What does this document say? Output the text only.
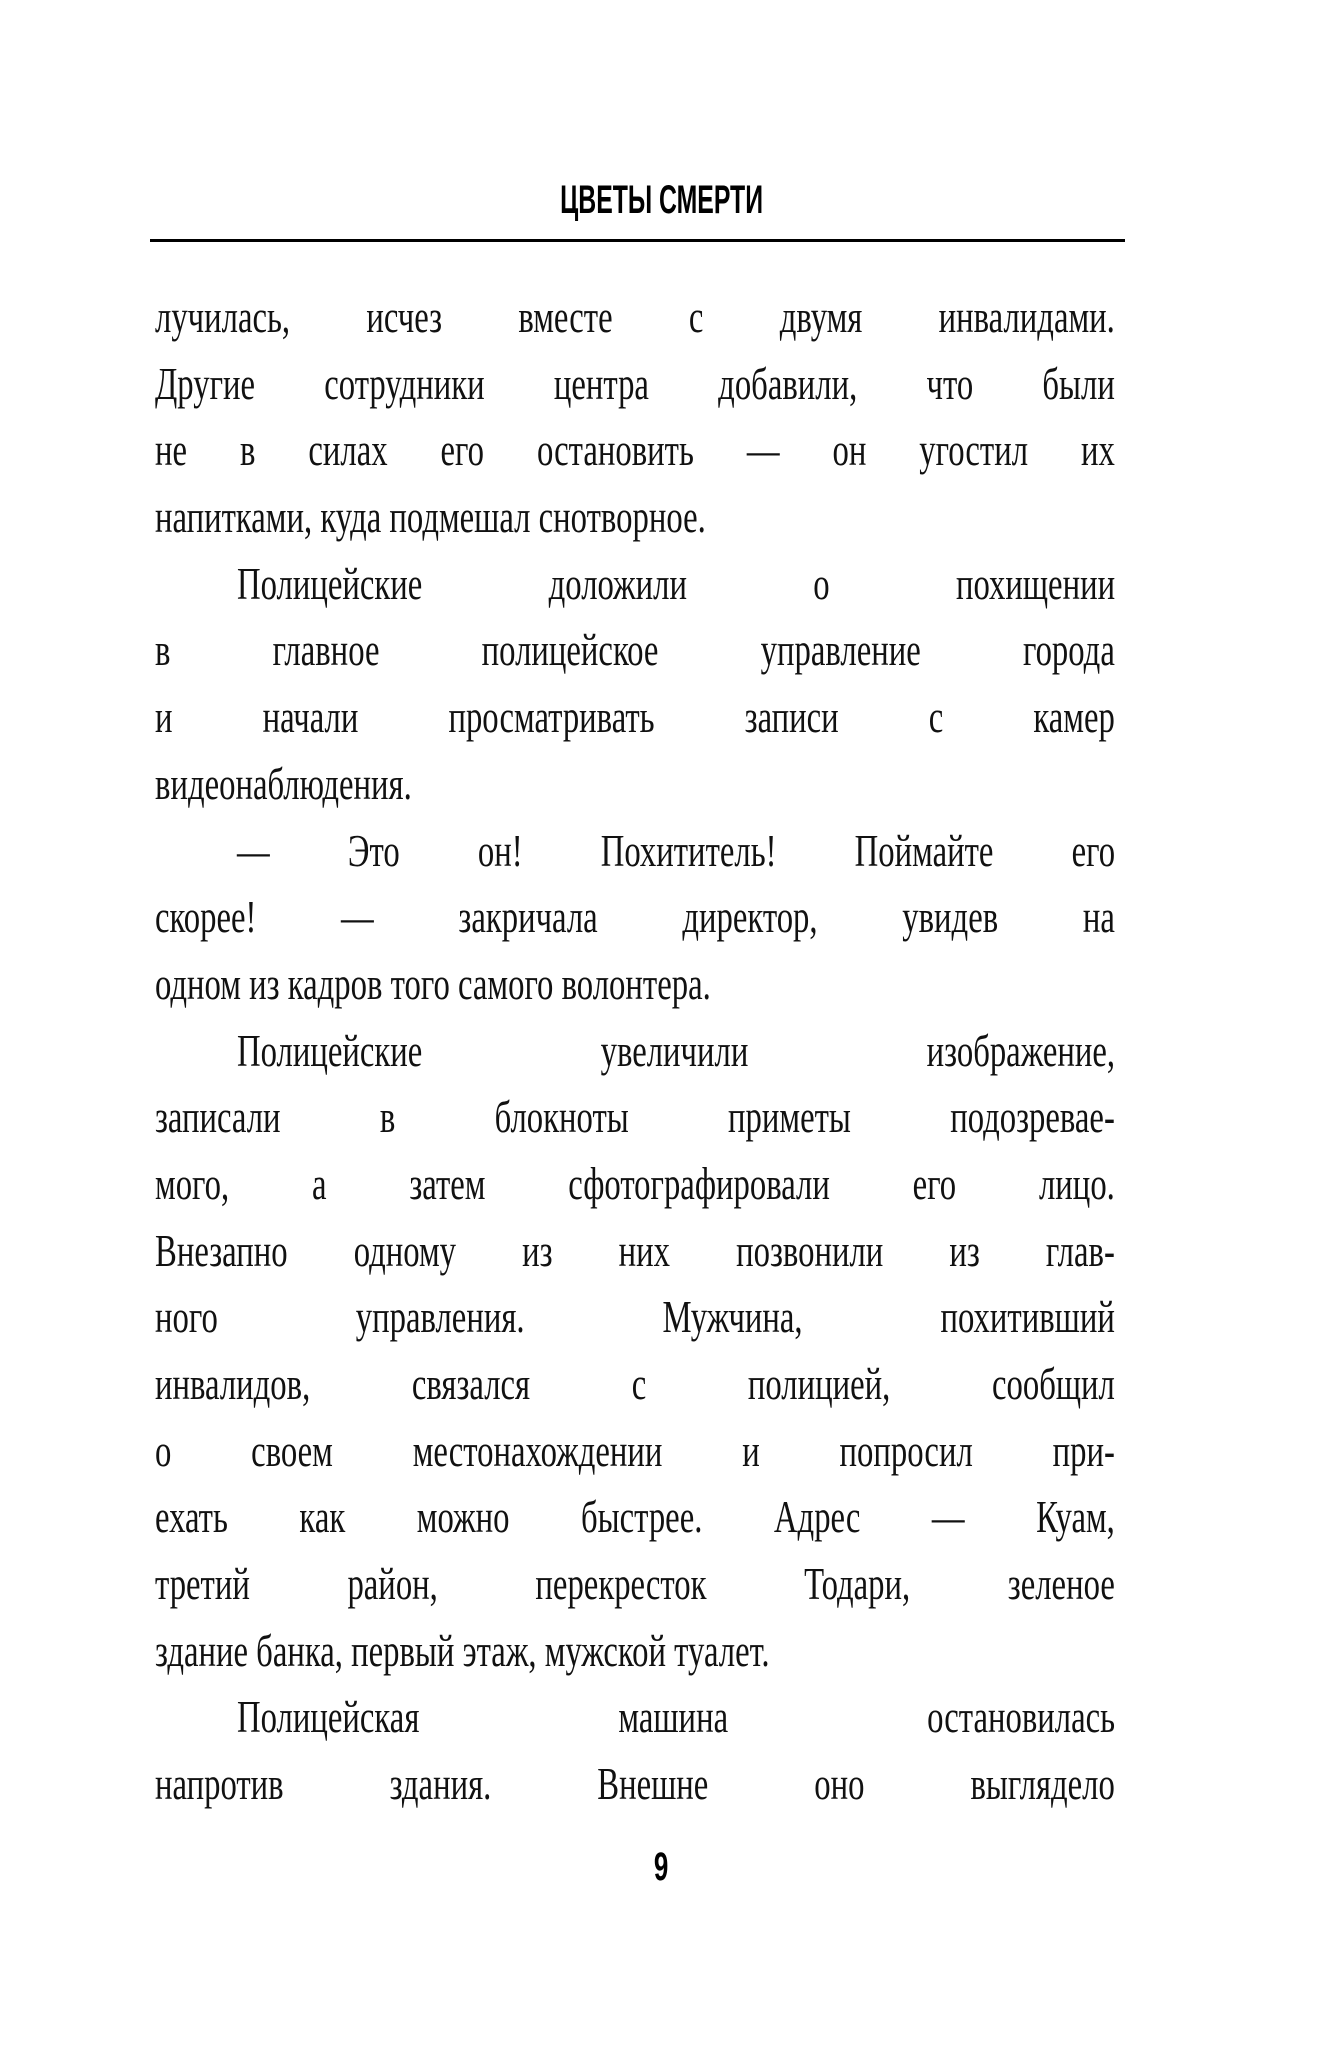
ЦВЕТЫ СМЕРТИ
лучилась, исчез вместе с двумя инвалидами.
Другие сотрудники центра добавили, что были
не в силах его остановить — он угостил их
напитками, куда подмешал снотворное.
Полицейские доложили о похищении
в главное полицейское управление города
и начали просматривать записи с камер
видеонаблюдения.
— Это он! Похититель! Поймайте его
скорее! — закричала директор, увидев на
одном из кадров того самого волонтера.
Полицейские увеличили изображение,
записали в блокноты приметы подозревае-
мого, а затем сфотографировали его лицо.
Внезапно одному из них позвонили из глав-
ного управления. Мужчина, похитивший
инвалидов, связался с полицией, сообщил
о своем местонахождении и попросил при-
ехать как можно быстрее. Адрес — Куам,
третий район, перекресток Тодари, зеленое
здание банка, первый этаж, мужской туалет.
Полицейская машина остановилась
напротив здания. Внешне оно выглядело
9
